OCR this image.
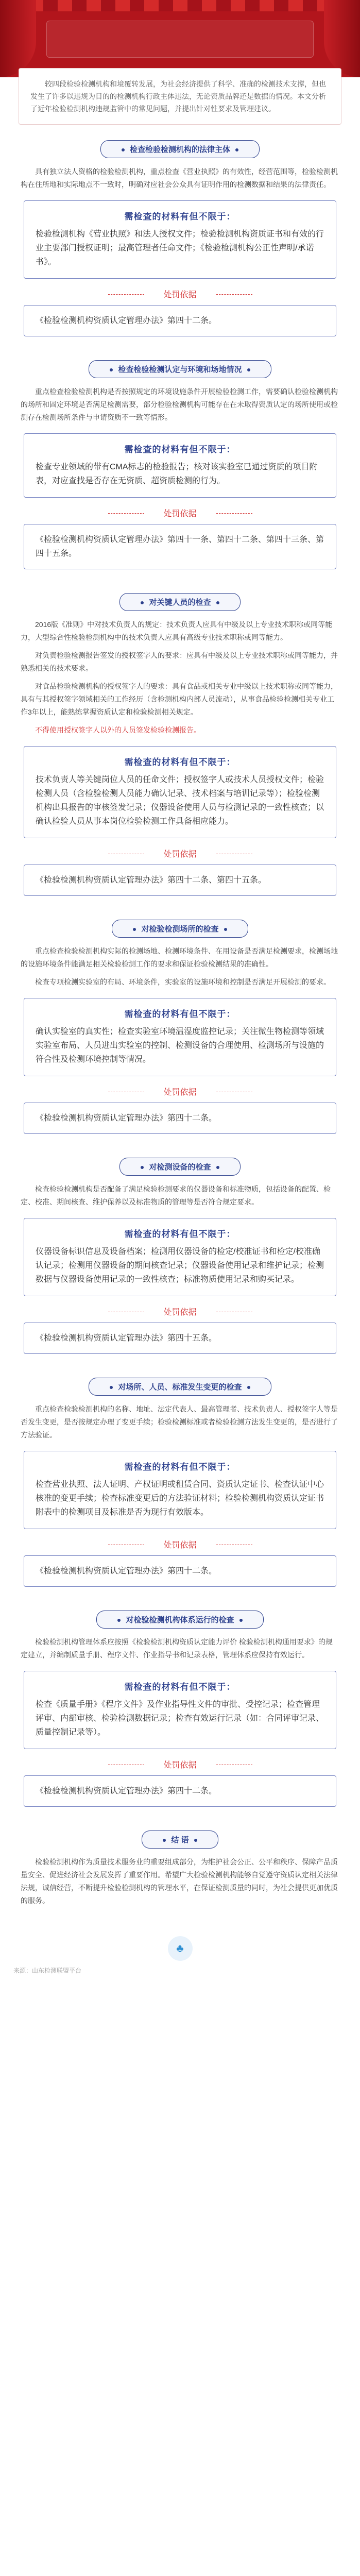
较四段检验检测机构和境覆转发展，为社会经济提供了科学、准确的检测技术支撑，但也发生了许多以违规为目的的检测机构行政主体违法，无论资质品牌还是数据的情况。本文分析了近年检验检测机构违规监管中的常见问题，并提出针对性要求及管理建议。
检查检验检测机构的法律主体

具有独立法人资格的检验检测机构，重点检查《营业执照》的有效性，经营范围等，检验检测机构在住所地和实际地点不一致时，明确对应社会公众具有证明作用的检测数据和结果的法律责任。

需检查的材料有但不限于：
检验检测机构《营业执照》和法人授权文件；检验检测机构资质证书和有效的行业主要部门授权证明；最高管理者任命文件；《检验检测机构公正性声明/承诺书》。
处罚依据
《检验检测机构资质认定管理办法》第四十二条。
检查检验检测认定与环境和场地情况

重点检查检验检测机构是否按照规定的环境设施条件开展检验检测工作，需要确认检验检测机构的场所和固定环境是否满足检测需要，部分检验检测机构可能存在在未取得资质认定的场所使用或检测存在检测场所条件与申请资质不一致等情形。

需检查的材料有但不限于：
检查专业领域的带有CMA标志的检验报告；核对该实验室已通过资质的项目附表，对应查找是否存在无资质、超资质检测的行为。
处罚依据
《检验检测机构资质认定管理办法》第四十一条、第四十二条、第四十三条、第四十五条。
对关键人员的检查

2016版《准则》中对技术负责人的规定：技术负责人应具有中级及以上专业技术职称或同等能力，大型综合性检验检测机构中的技术负责人应具有高级专业技术职称或同等能力。

对负责检验检测报告签发的授权签字人的要求：应具有中级及以上专业技术职称或同等能力，并熟悉相关的技术要求。

对食品检验检测机构的授权签字人的要求：具有食品或相关专业中级以上技术职称或同等能力，具有与其授权签字领域相关的工作经历（含检测机构内部人员流动），从事食品检验检测相关专业工作3年以上，能熟练掌握资质认定和检验检测相关规定。

不得使用授权签字人以外的人员签发检验检测报告。

需检查的材料有但不限于：
技术负责人等关键岗位人员的任命文件；授权签字人或技术人员授权文件；检验检测人员（含检验检测人员能力确认记录、技术档案与培训记录等）；检验检测机构出具报告的审核签发记录；仪器设备使用人员与检测记录的一致性核查；以确认检验人员从事本岗位检验检测工作具备相应能力。
处罚依据
《检验检测机构资质认定管理办法》第四十二条、第四十五条。
对检验检测场所的检查

重点检查检验检测机构实际的检测场地、检测环境条件、在用设备是否满足检测要求，检测场地的设施环境条件能满足相关检验检测工作的要求和保证检验检测结果的准确性。

检查专项检测实验室的布局、环境条件，实验室的设施环境和控制是否满足开展检测的要求。

需检查的材料有但不限于：
确认实验室的真实性；检查实验室环境温湿度监控记录；关注微生物检测等领域实验室布局、人员进出实验室的控制、检测设备的合理使用、检测场所与设施的符合性及检测环境控制等情况。
处罚依据
《检验检测机构资质认定管理办法》第四十二条。
对检测设备的检查

检查检验检测机构是否配备了满足检验检测要求的仪器设备和标准物质，包括设备的配置、检定、校准、期间核查、维护保养以及标准物质的管理等是否符合规定要求。

需检查的材料有但不限于：
仪器设备标识信息及设备档案；检测用仪器设备的检定/校准证书和检定/校准确认记录；检测用仪器设备的期间核查记录；仪器设备使用记录和维护记录；检测数据与仪器设备使用记录的一致性核查；标准物质使用记录和购买记录。
处罚依据
《检验检测机构资质认定管理办法》第四十五条。
对场所、人员、标准发生变更的检查

重点检查检验检测机构的名称、地址、法定代表人、最高管理者、技术负责人、授权签字人等是否发生变更，是否按规定办理了变更手续；检验检测标准或者检验检测方法发生变更的，是否进行了方法验证。

需检查的材料有但不限于：
检查营业执照、法人证明、产权证明或租赁合同、资质认定证书、检查认证中心核准的变更手续；检查标准变更后的方法验证材料；检验检测机构资质认定证书附表中的检测项目及标准是否为现行有效版本。
处罚依据
《检验检测机构资质认定管理办法》第四十二条。
对检验检测机构体系运行的检查

检验检测机构管理体系应按照《检验检测机构资质认定能力评价 检验检测机构通用要求》的规定建立，并编制质量手册、程序文件、作业指导书和记录表格，管理体系应保持有效运行。

需检查的材料有但不限于：
检查《质量手册》《程序文件》及作业指导性文件的审批、受控记录；检查管理评审、内部审核、检验检测数据记录；检查有效运行记录（如：合同评审记录、质量控制记录等）。
处罚依据
《检验检测机构资质认定管理办法》第四十二条。
结 语

检验检测机构作为质量技术服务业的重要组成部分，为维护社会公正、公平和秩序、保障产品质量安全、促进经济社会发展发挥了重要作用。希望广大检验检测机构能够自觉遵守资质认定相关法律法规，诚信经营，不断提升检验检测机构的管理水平，在保证检测质量的同时，为社会提供更加优质的服务。

♣
来源：山东检测联盟平台
